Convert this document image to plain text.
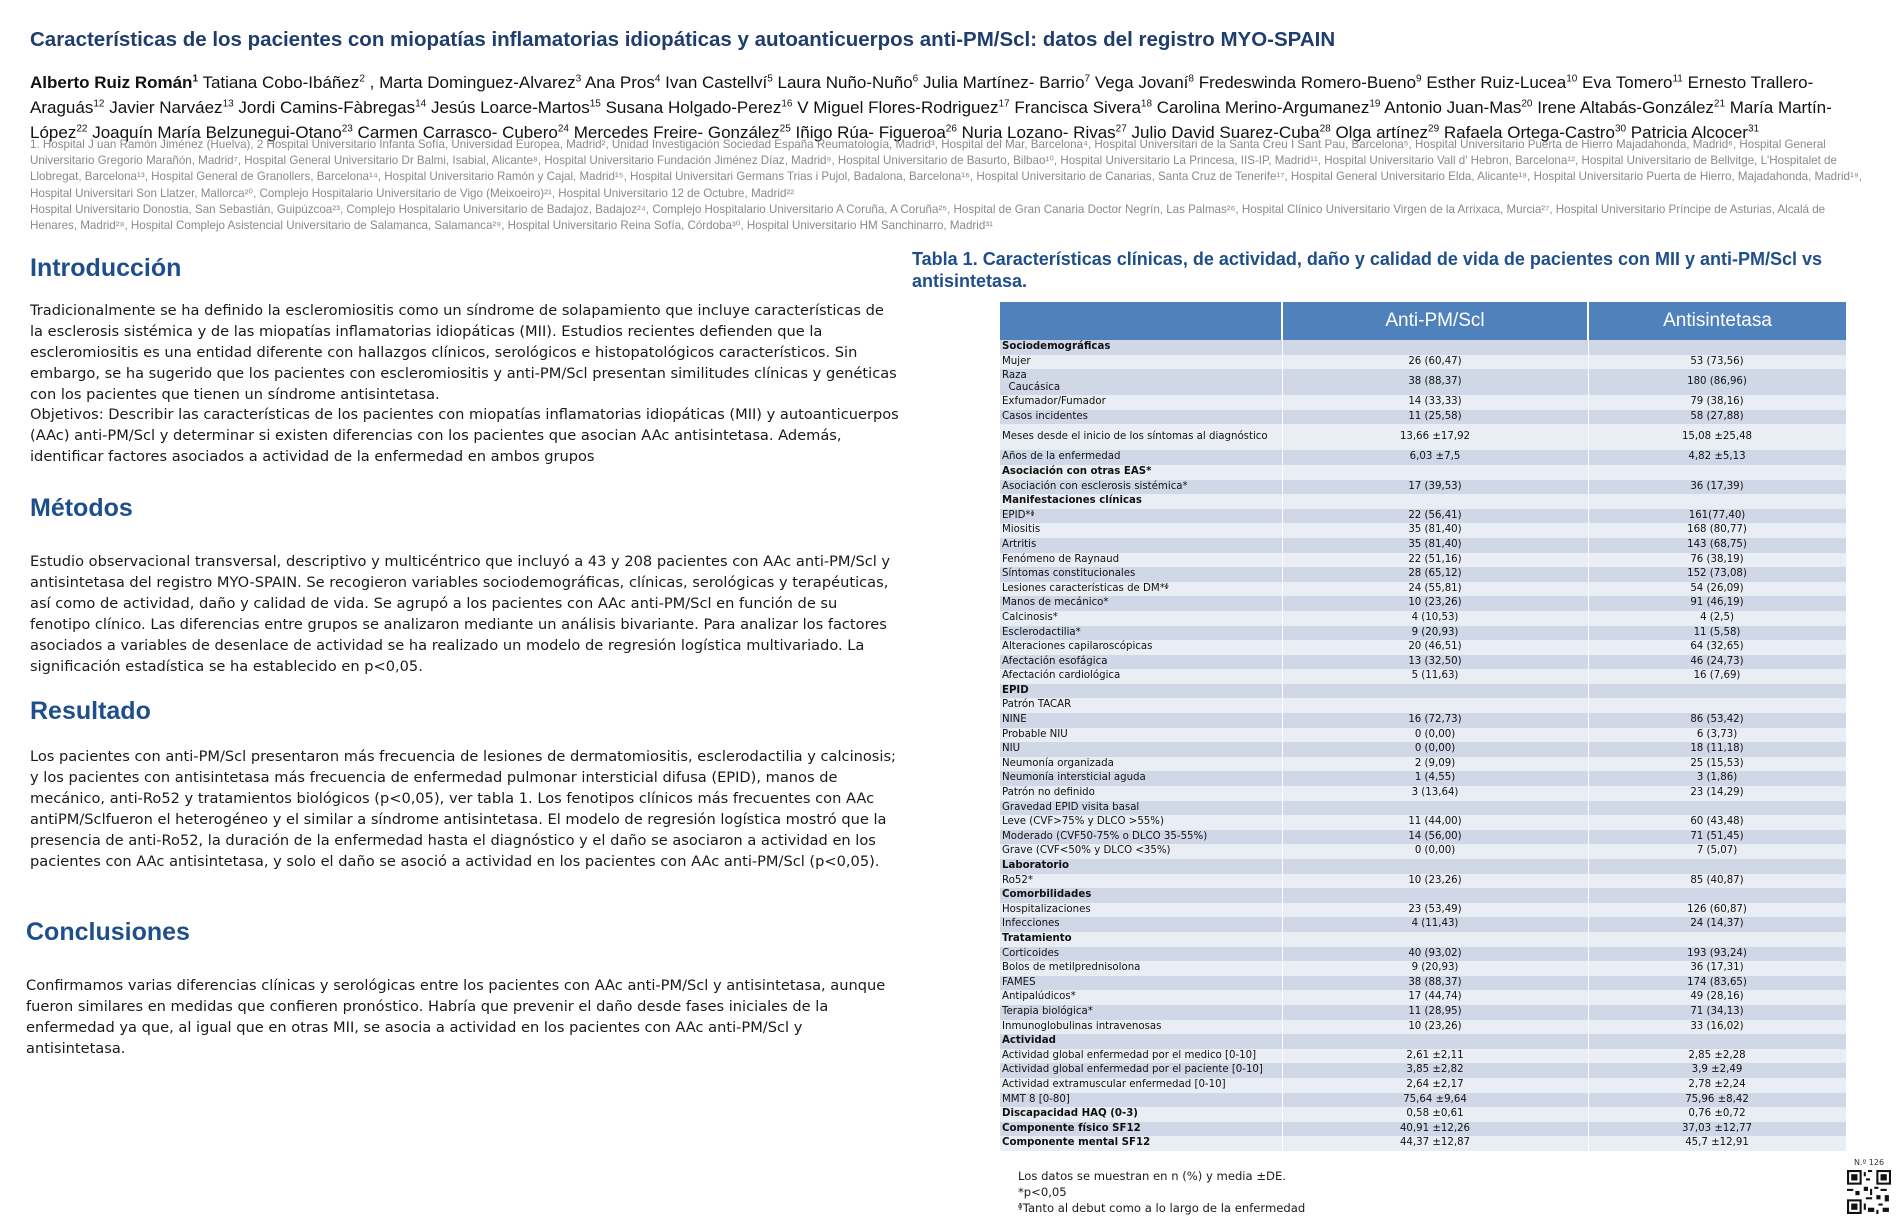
Características de los pacientes con miopatías inflamatorias idiopáticas y autoanticuerpos anti-PM/Scl: datos del registro MYO-SPAIN
Alberto Ruiz Román$^1$ Tatiana Cobo-Ibáñez$^2$ , Marta Dominguez-Alvarez$^3$ Ana Pros$^4$ Ivan Castellví$^5$ Laura Nuño-Nuño$^6$ Julia Martínez- Barrio$^7$ Vega Jovaní$^8$ Fredeswinda Romero-Bueno$^9$ Esther Ruiz-Lucea$^{10}$ Eva Tomero$^{11}$ Ernesto Trallero-Araguás$^{12}$ Javier Narváez$^{13}$ Jordi Camins-Fàbregas$^{14}$ Jesús Loarce-Martos$^{15}$ Susana Holgado-Perez$^{16}$ V Miguel Flores-Rodriguez$^{17}$ Francisca Sivera$^{18}$ Carolina Merino-Argumanez$^{19}$ Antonio Juan-Mas$^{20}$ Irene Altabás-González$^{21}$ María Martín-López$^{22}$ Joaquín María Belzunegui-Otano$^{23}$ Carmen Carrasco- Cubero$^{24}$ Mercedes Freire- González$^{25}$ Iñigo Rúa- Figueroa$^{26}$ Nuria Lozano- Rivas$^{27}$ Julio David Suarez-Cuba$^{28}$ Olga artínez$^{29}$ Rafaela Ortega-Castro$^{30}$ Patricia Alcocer$^{31}$

1. Hospital J uan Ramón Jiménez (Huelva), 2 Hospital Universitario Infanta Sofía, Universidad Europea, Madrid², Unidad Investigación Sociedad España Reumatología, Madrid³, Hospital del Mar, Barcelona⁴, Hospital Universitari de la Santa Creu I Sant Pau, Barcelona⁵, Hospital Universitario Puerta de Hierro Majadahonda, Madrid⁶, Hospital General Universitario Gregorio Marañón, Madrid⁷, Hospital General Universitario Dr Balmi, Isabial, Alicante⁸, Hospital Universitario Fundación Jiménez Díaz, Madrid⁹, Hospital Universitario de Basurto, Bilbao¹⁰, Hospital Universitario La Princesa, IIS-IP, Madrid¹¹, Hospital Universitario Vall d' Hebron, Barcelona¹², Hospital Universitario de Bellvitge, L'Hospitalet de Llobregat, Barcelona¹³, Hospital General de Granollers, Barcelona¹⁴, Hospital Universitario Ramón y Cajal, Madrid¹⁵, Hospital Universitari Germans Trias i Pujol, Badalona, Barcelona¹⁶, Hospital Universitario de Canarias, Santa Cruz de Tenerife¹⁷, Hospital General Universitario Elda, Alicante¹⁸, Hospital Universitario Puerta de Hierro, Majadahonda, Madrid¹⁹, Hospital Universitari Son Llatzer, Mallorca²⁰, Complejo Hospitalario Universitario de Vigo (Meixoeiro)²¹, Hospital Universitario 12 de Octubre, Madrid²²

Hospital Universitario Donostia, San Sebastián, Guipúzcoa²³, Complejo Hospitalario Universitario de Badajoz, Badajoz²⁴, Complejo Hospitalario Universitario A Coruña, A Coruña²⁵, Hospital de Gran Canaria Doctor Negrín, Las Palmas²⁶, Hospital Clínico Universitario Virgen de la Arrixaca, Murcia²⁷, Hospital Universitario Príncipe de Asturias, Alcalá de Henares, Madrid²⁸, Hospital Complejo Asistencial Universitario de Salamanca, Salamanca²⁹, Hospital Universitario Reina Sofía, Córdoba³⁰, Hospital Universitario HM Sanchinarro, Madrid³¹

Introducción

Tradicionalmente se ha definido la escleromiositis como un síndrome de solapamiento que incluye características de la esclerosis sistémica y de las miopatías inflamatorias idiopáticas (MII). Estudios recientes defienden que la escleromiositis es una entidad diferente con hallazgos clínicos, serológicos e histopatológicos característicos. Sin embargo, se ha sugerido que los pacientes con escleromiositis y anti-PM/Scl presentan similitudes clínicas y genéticas con los pacientes que tienen un síndrome antisintetasa.

Objetivos: Describir las características de los pacientes con miopatías inflamatorias idiopáticas (MII) y autoanticuerpos (AAc) anti-PM/Scl y determinar si existen diferencias con los pacientes que asocian AAc antisintetasa. Además, identificar factores asociados a actividad de la enfermedad en ambos grupos

Métodos

Estudio observacional transversal, descriptivo y multicéntrico que incluyó a 43 y 208 pacientes con AAc anti-PM/Scl y antisintetasa del registro MYO-SPAIN. Se recogieron variables sociodemográficas, clínicas, serológicas y terapéuticas, así como de actividad, daño y calidad de vida. Se agrupó a los pacientes con AAc anti-PM/Scl en función de su fenotipo clínico. Las diferencias entre grupos se analizaron mediante un análisis bivariante. Para analizar los factores asociados a variables de desenlace de actividad se ha realizado un modelo de regresión logística multivariado. La significación estadística se ha establecido en p<0,05.

Resultado

Los pacientes con anti-PM/Scl presentaron más frecuencia de lesiones de dermatomiositis, esclerodactilia y calcinosis; y los pacientes con antisintetasa más frecuencia de enfermedad pulmonar intersticial difusa (EPID), manos de mecánico, anti-Ro52 y tratamientos biológicos (p<0,05), ver tabla 1. Los fenotipos clínicos más frecuentes con AAc antiPM/Sclfueron el heterogéneo y el similar a síndrome antisintetasa. El modelo de regresión logística mostró que la presencia de anti-Ro52, la duración de la enfermedad hasta el diagnóstico y el daño se asociaron a actividad en los pacientes con AAc antisintetasa, y solo el daño se asoció a actividad en los pacientes con AAc anti-PM/Scl (p<0,05).

Conclusiones

Confirmamos varias diferencias clínicas y serológicas entre los pacientes con AAc anti-PM/Scl y antisintetasa, aunque fueron similares en medidas que confieren pronóstico. Habría que prevenir el daño desde fases iniciales de la enfermedad ya que, al igual que en otras MII, se asocia a actividad en los pacientes con AAc anti-PM/Scl y antisintetasa.

Tabla 1. Características clínicas, de actividad, daño y calidad de vida de pacientes con MII y anti-PM/Scl vs antisintetasa.
	Anti-PM/Scl	Antisintetasa
Sociodemográficas		
Mujer	26 (60,47)	53 (73,56)
Raza
Caucásica	38 (88,37)	180 (86,96)
Exfumador/Fumador	14 (33,33)	79 (38,16)
Casos incidentes	11 (25,58)	58 (27,88)
Meses desde el inicio de los síntomas al diagnóstico	13,66 ±17,92	15,08 ±25,48
Años de la enfermedad	6,03 ±7,5	4,82 ±5,13
Asociación con otras EAS*		
Asociación con esclerosis sistémica*	17 (39,53)	36 (17,39)
Manifestaciones clínicas		
EPID*ᶲ	22 (56,41)	161(77,40)
Miositis	35 (81,40)	168 (80,77)
Artritis	35 (81,40)	143 (68,75)
Fenómeno de Raynaud	22 (51,16)	76 (38,19)
Síntomas constitucionales	28 (65,12)	152 (73,08)
Lesiones características de DM*ᶲ	24 (55,81)	54 (26,09)
Manos de mecánico*	10 (23,26)	91 (46,19)
Calcinosis*	4 (10,53)	4 (2,5)
Esclerodactilia*	9 (20,93)	11 (5,58)
Alteraciones capilaroscópicas	20 (46,51)	64 (32,65)
Afectación esofágica	13 (32,50)	46 (24,73)
Afectación cardiológica	5 (11,63)	16 (7,69)
EPID		
Patrón TACAR		
NINE	16 (72,73)	86 (53,42)
Probable NIU	0 (0,00)	6 (3,73)
NIU	0 (0,00)	18 (11,18)
Neumonía organizada	2 (9,09)	25 (15,53)
Neumonía intersticial aguda	1 (4,55)	3 (1,86)
Patrón no definido	3 (13,64)	23 (14,29)
Gravedad EPID visita basal		
Leve (CVF>75% y DLCO >55%)	11 (44,00)	60 (43,48)
Moderado (CVF50-75% o DLCO 35-55%)	14 (56,00)	71 (51,45)
Grave (CVF<50% y DLCO <35%)	0 (0,00)	7 (5,07)
Laboratorio		
Ro52*	10 (23,26)	85 (40,87)
Comorbilidades		
Hospitalizaciones	23 (53,49)	126 (60,87)
Infecciones	4 (11,43)	24 (14,37)
Tratamiento		
Corticoides	40 (93,02)	193 (93,24)
Bolos de metilprednisolona	9 (20,93)	36 (17,31)
FAMES	38 (88,37)	174 (83,65)
Antipalúdicos*	17 (44,74)	49 (28,16)
Terapia biológica*	11 (28,95)	71 (34,13)
Inmunoglobulinas intravenosas	10 (23,26)	33 (16,02)
Actividad		
Actividad global enfermedad por el medico [0-10]	2,61 ±2,11	2,85 ±2,28
Actividad global enfermedad por el paciente [0-10]	3,85 ±2,82	3,9 ±2,49
Actividad extramuscular enfermedad [0-10]	2,64 ±2,17	2,78 ±2,24
MMT 8 [0-80]	75,64 ±9,64	75,96 ±8,42
Discapacidad HAQ (0-3)	0,58 ±0,61	0,76 ±0,72
Componente físico SF12	40,91 ±12,26	37,03 ±12,77
Componente mental SF12	44,37 ±12,87	45,7 ±12,91

Los datos se muestran en n (%) y media ±DE.

*p<0,05

ᶲTanto al debut como a lo largo de la enfermedad

N.º 126
